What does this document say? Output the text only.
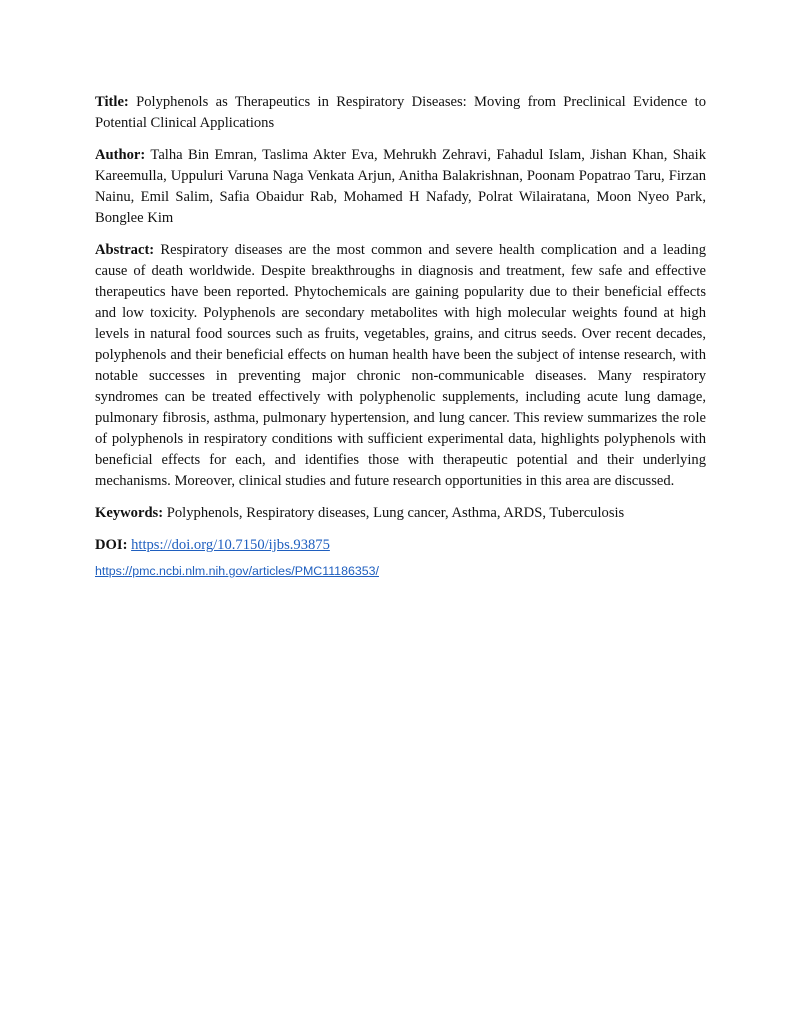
Title: Polyphenols as Therapeutics in Respiratory Diseases: Moving from Preclinical Evidence to Potential Clinical Applications

Author: Talha Bin Emran, Taslima Akter Eva, Mehrukh Zehravi, Fahadul Islam, Jishan Khan, Shaik Kareemulla, Uppuluri Varuna Naga Venkata Arjun, Anitha Balakrishnan, Poonam Popatrao Taru, Firzan Nainu, Emil Salim, Safia Obaidur Rab, Mohamed H Nafady, Polrat Wilairatana, Moon Nyeo Park, Bonglee Kim

Abstract: Respiratory diseases are the most common and severe health complication and a leading cause of death worldwide. Despite breakthroughs in diagnosis and treatment, few safe and effective therapeutics have been reported. Phytochemicals are gaining popularity due to their beneficial effects and low toxicity. Polyphenols are secondary metabolites with high molecular weights found at high levels in natural food sources such as fruits, vegetables, grains, and citrus seeds. Over recent decades, polyphenols and their beneficial effects on human health have been the subject of intense research, with notable successes in preventing major chronic non-communicable diseases. Many respiratory syndromes can be treated effectively with polyphenolic supplements, including acute lung damage, pulmonary fibrosis, asthma, pulmonary hypertension, and lung cancer. This review summarizes the role of polyphenols in respiratory conditions with sufficient experimental data, highlights polyphenols with beneficial effects for each, and identifies those with therapeutic potential and their underlying mechanisms. Moreover, clinical studies and future research opportunities in this area are discussed.

Keywords: Polyphenols, Respiratory diseases, Lung cancer, Asthma, ARDS, Tuberculosis

DOI: https://doi.org/10.7150/ijbs.93875

https://pmc.ncbi.nlm.nih.gov/articles/PMC11186353/
